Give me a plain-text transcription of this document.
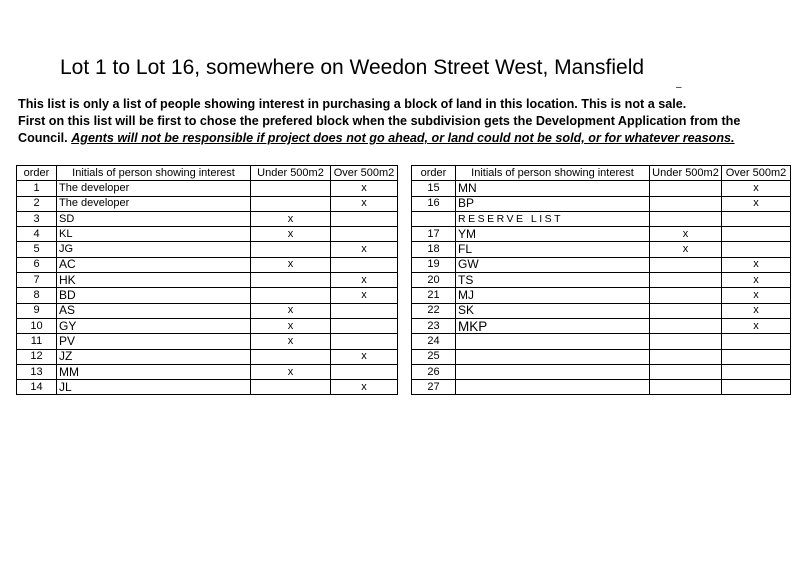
Lot 1 to Lot 16, somewhere on Weedon Street West, Mansfield
–
This list is only a list of people showing interest in purchasing a block of land in this location. This is not a sale.
First on this list will be first to chose the prefered block when the subdivision gets the Development Application from the Council. Agents will not be responsible if project does not go ahead, or land could not be sold, or for whatever reasons.
order	Initials of person showing interest	Under 500m2	Over 500m2
1	The developer		x
2	The developer		x
3	SD	x	
4	KL	x	
5	JG		x
6	AC	x	
7	HK		x
8	BD		x
9	AS	x	
10	GY	x	
11	PV	x	
12	JZ		x
13	MM	x	
14	JL		x
order	Initials of person showing interest	Under 500m2	Over 500m2
15	MN		x
16	BP		x
	RESERVE LIST		
17	YM	x	
18	FL	x	
19	GW		x
20	TS		x
21	MJ		x
22	SK		x
23	MKP		x
24			
25			
26			
27			
